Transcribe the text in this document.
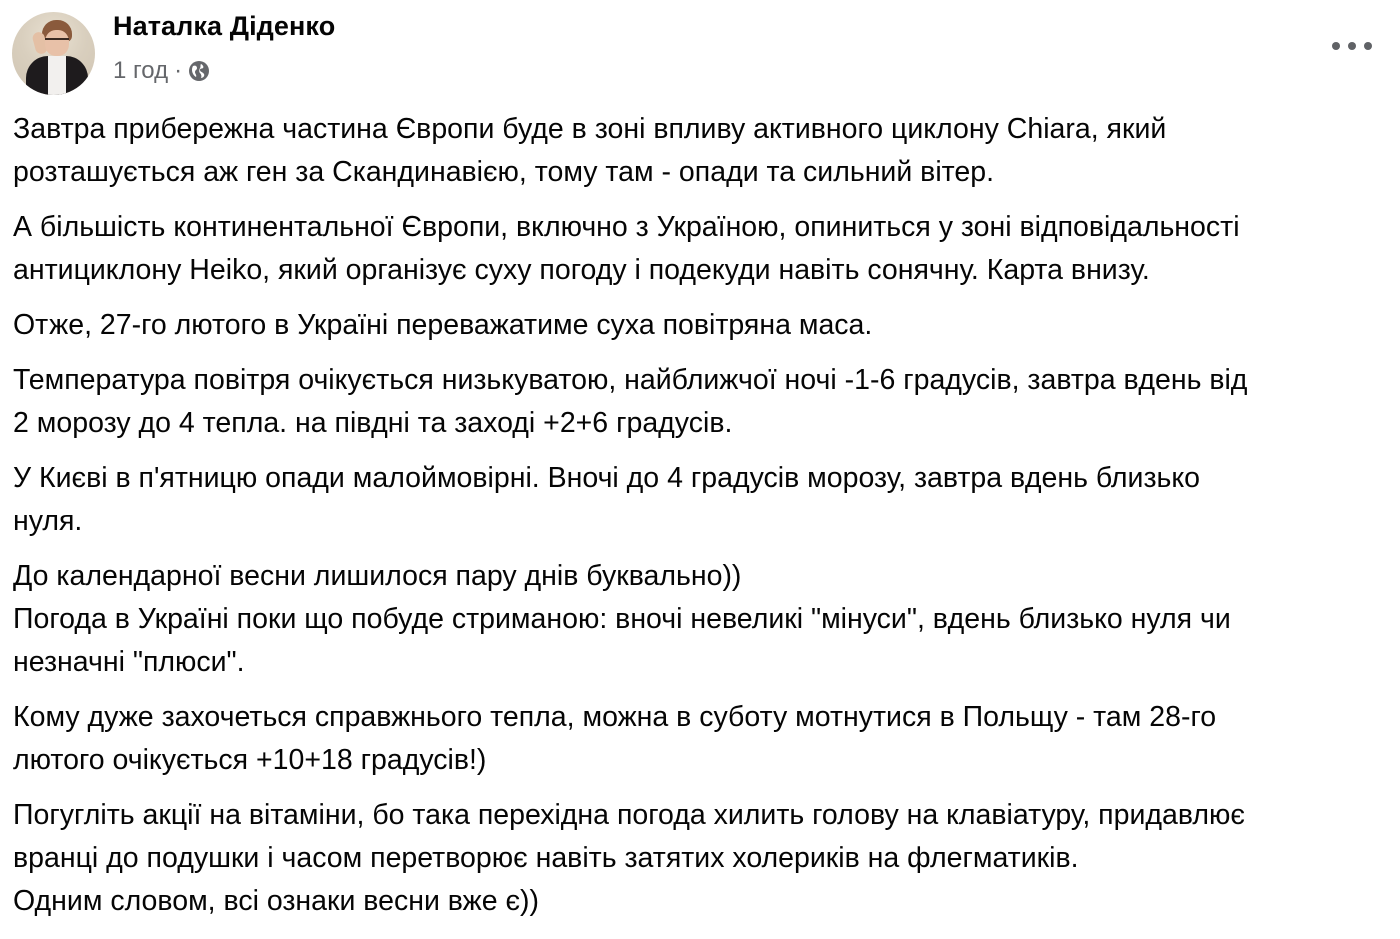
Наталка Діденко
1 год ·

Завтра прибережна частина Європи буде в зоні впливу активного циклону Chiara, який
розташується аж ген за Скандинавією, тому там - опади та сильний вітер.

А більшість континентальної Європи, включно з Україною, опиниться у зоні відповідальності
антициклону Heiko, який організує суху погоду і подекуди навіть сонячну. Карта внизу.

Отже, 27-го лютого в Україні переважатиме суха повітряна маса.

Температура повітря очікується низькуватою, найближчої ночі -1-6 градусів, завтра вдень від
2 морозу до 4 тепла. на півдні та заході +2+6 градусів.

У Києві в п'ятницю опади малоймовірні. Вночі до 4 градусів морозу, завтра вдень близько
нуля.

До календарної весни лишилося пару днів буквально))
Погода в Україні поки що побуде стриманою: вночі невеликі "мінуси", вдень близько нуля чи
незначні "плюси".

Кому дуже захочеться справжнього тепла, можна в суботу мотнутися в Польщу - там 28-го
лютого очікується +10+18 градусів!)

Погугліть акції на вітаміни, бо така перехідна погода хилить голову на клавіатуру, придавлює
вранці до подушки і часом перетворює навіть затятих холериків на флегматиків.
Одним словом, всі ознаки весни вже є))
